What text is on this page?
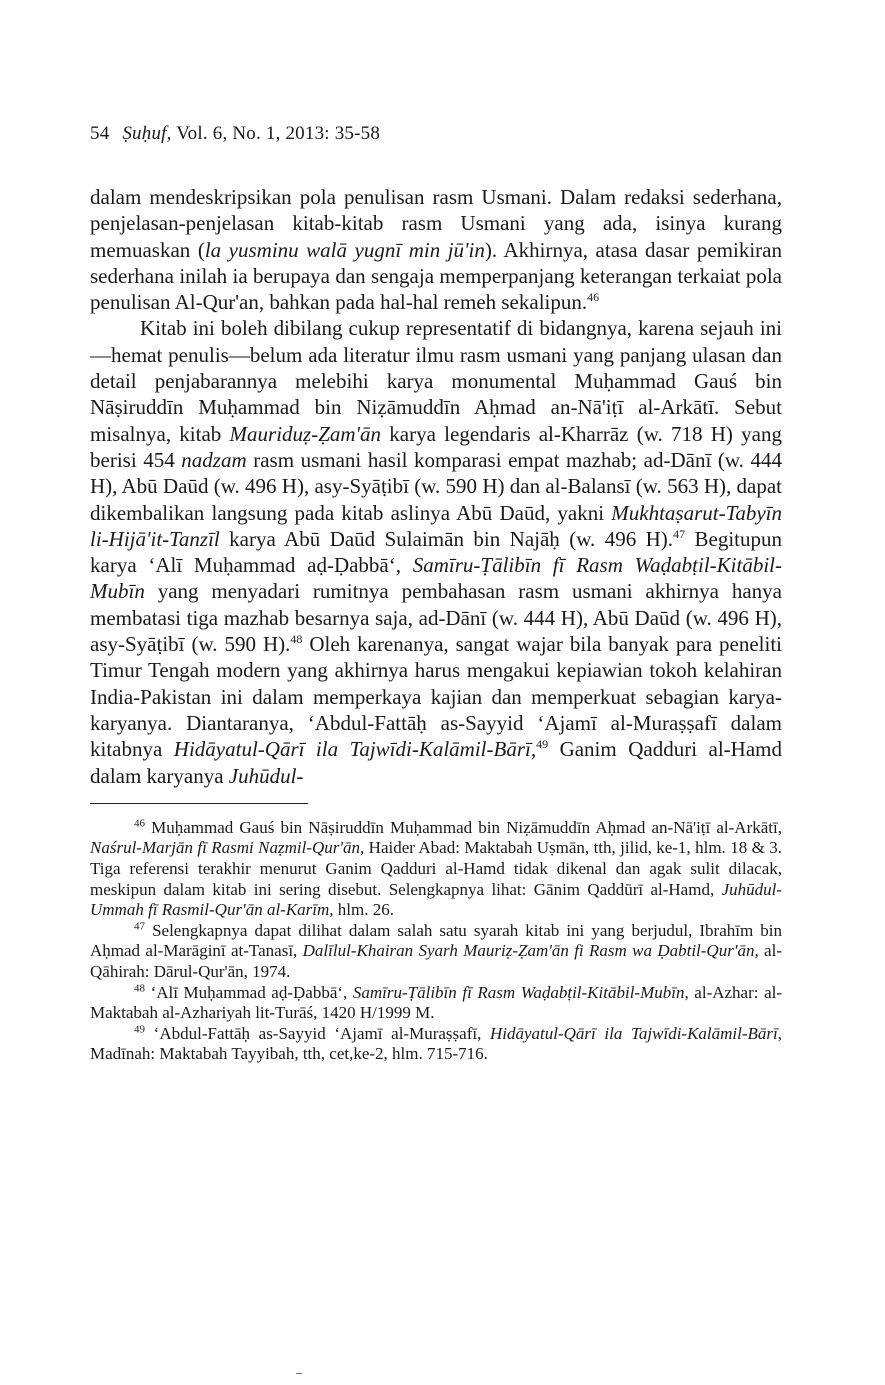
54 Ṣuḥuf, Vol. 6, No. 1, 2013: 35-58

dalam mendeskripsikan pola penulisan rasm Usmani. Dalam redaksi sederhana, penjelasan-penjelasan kitab-kitab rasm Usmani yang ada, isinya kurang memuaskan (la yusminu walā yugnī min jū'in). Akhirnya, atasa dasar pemikiran sederhana inilah ia berupaya dan sengaja memperpanjang keterangan terkaiat pola penulisan Al-Qur'an, bahkan pada hal-hal remeh sekalipun.$^{46}$

Kitab ini boleh dibilang cukup representatif di bidangnya, karena sejauh ini—hemat penulis—belum ada literatur ilmu rasm usmani yang panjang ulasan dan detail penjabarannya melebihi karya monumental Muḥammad Gauś bin Nāṣiruddīn Muḥammad bin Niẓāmuddīn Aḥmad an-Nā'iṭī al-Arkātī. Sebut misalnya, kitab Mauriduẓ-Ẓam'ān karya legendaris al-Kharrāz (w. 718 H) yang berisi 454 nadzam rasm usmani hasil komparasi empat mazhab; ad-Dānī (w. 444 H), Abū Daūd (w. 496 H), asy-Syāṭibī (w. 590 H) dan al-Balansī (w. 563 H), dapat dikembalikan langsung pada kitab aslinya Abū Daūd, yakni Mukhtaṣarut-Tabyīn li-Hijā'it-Tanzīl karya Abū Daūd Sulaimān bin Najāḥ (w. 496 H).$^{47}$ Begitupun karya ‘Alī Muḥammad aḍ-Ḍabbā‘, Samīru-Ṭālibīn fī Rasm Waḍabṭil-Kitābil-Mubīn yang menyadari rumitnya pembahasan rasm usmani akhirnya hanya membatasi tiga mazhab besarnya saja, ad-Dānī (w. 444 H), Abū Daūd (w. 496 H), asy-Syāṭibī (w. 590 H).$^{48}$ Oleh karenanya, sangat wajar bila banyak para peneliti Timur Tengah modern yang akhirnya harus mengakui kepiawian tokoh kelahiran India-Pakistan ini dalam memperkaya kajian dan memperkuat sebagian karya-karyanya. Diantaranya, ‘Abdul-Fattāḥ as-Sayyid ‘Ajamī al-Muraṣṣafī dalam kitabnya Hidāyatul-Qārī ila Tajwīdi-Kalāmil-Bārī,$^{49}$ Ganim Qadduri al-Hamd dalam karyanya Juhūdul-

$^{46}$ Muḥammad Gauś bin Nāṣiruddīn Muḥammad bin Niẓāmuddīn Aḥmad an-Nā'iṭī al-Arkātī, Naśrul-Marjān fī Rasmi Naẓmil-Qur'ān, Haider Abad: Maktabah Uṣmān, tth, jilid, ke-1, hlm. 18 & 3. Tiga referensi terakhir menurut Ganim Qadduri al-Hamd tidak dikenal dan agak sulit dilacak, meskipun dalam kitab ini sering disebut. Selengkapnya lihat: Gānim Qaddūrī al-Hamd, Juhūdul-Ummah fī Rasmil-Qur'ān al-Karīm, hlm. 26.

$^{47}$ Selengkapnya dapat dilihat dalam salah satu syarah kitab ini yang berjudul, Ibrahīm bin Aḥmad al-Marāginī at-Tanasī, Dalīlul-Khairan Syarh Mauriẓ-Ẓam'ān fi Rasm wa Ḍabtil-Qur'ān, al-Qāhirah: Dārul-Qur'ān, 1974.

$^{48}$ ‘Alī Muḥammad aḍ-Ḍabbā‘, Samīru-Ṭālibīn fī Rasm Waḍabṭil-Kitābil-Mubīn, al-Azhar: al-Maktabah al-Azhariyah lit-Turāś, 1420 H/1999 M.

$^{49}$ ‘Abdul-Fattāḥ as-Sayyid ‘Ajamī al-Muraṣṣafī, Hidāyatul-Qārī ila Tajwīdi-Kalāmil-Bārī, Madīnah: Maktabah Tayyibah, tth, cet,ke-2, hlm. 715-716.
